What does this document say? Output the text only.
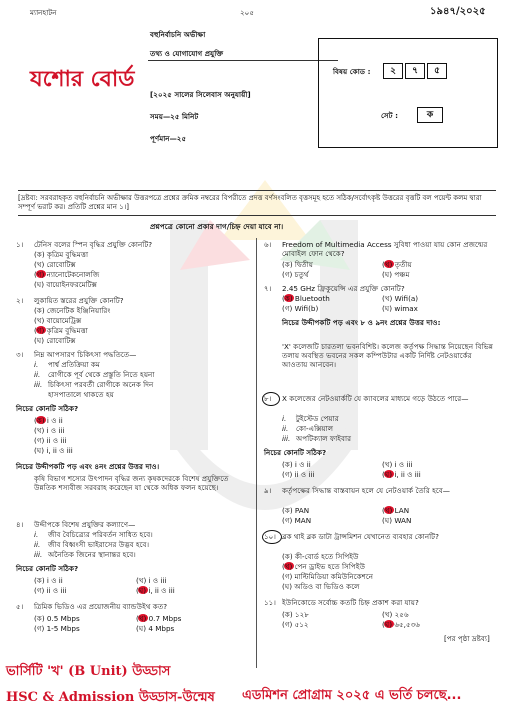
ম্যানহাটন	২০৫	১৯৪৭/২০২৫
যশোর বোর্ড
বহুনির্বাচনি অভীক্ষা
তথ্য ও যোগাযোগ প্রযুক্তি
[২০২৫ সালের সিলেবাস অনুযায়ী]
সময়—২৫ মিনিট
পূর্ণমান—২৫
বিষয় কোড :	২ ৭ ৫
সেট :	ক
[দ্রষ্টব্য: সরবরাহকৃত বহুনির্বাচনি অভীক্ষার উত্তরপত্রে প্রশ্নের ক্রমিক নম্বরের বিপরীতে প্রদত্ত বর্ণসংবলিত বৃত্তসমূহ হতে সঠিক/সর্বোৎকৃষ্ট উত্তরের বৃত্তটি বল পয়েন্ট কলম দ্বারা সম্পূর্ণ ভরাট কর। প্রতিটি প্রশ্নের মান ১।]
প্রশ্নপত্রে কোনো প্রকার দাগ/চিহ্ন দেয়া যাবে না।
১।	টেনিস বলের স্পিন বৃদ্ধির প্রযুক্তি কোনটি?
(ক) কৃত্রিম বুদ্ধিমত্তা
(খ) রোবোটিক্স
(গ) ন্যানোটেকনোলজি
(ঘ) বায়োইনফরমেটিক্স
২।	লুকায়িত স্তরের প্রযুক্তি কোনটি?
(ক) জেনেটিক ইঞ্জিনিয়ারিং
(খ) বায়োমেট্রিক্স
(গ) কৃত্রিম বুদ্ধিমত্তা
(ঘ) রোবোটিক্স
৩।	নিম্ন আপসারণ চিকিৎসা পদ্ধতিতে—
i. পার্শ্ব প্রতিক্রিয়া কম
ii. রোগীকে পূর্ব থেকে প্রস্তুতি নিতে হয়না
iii. চিকিৎসা পরবর্তী রোগীকে অনেক দিন
হাসপাতালে থাকতে হয়
নিচের কোনটি সঠিক?
(ক) i ও ii
(খ) i ও iii
(গ) ii ও iii
(ঘ) i, ii ও iii
নিচের উদ্দীপকটি পড় এবং ৪নং প্রশ্নের উত্তর দাও।
কৃষি বিভাগ শস্যের উৎপাদন বৃদ্ধির জন্য কৃষকদেরকে বিশেষ প্রযুক্তিতে উন্নতিক শস্যবীজ সরবরাহ করেছেন যা থেকে অধিক ফলন হয়েছে।
৪।	উদ্দীপকে বিশেষ প্রযুক্তির কল্যাণে—
i. জীব বৈচিত্র্যের পরিবর্তন সাধিত হবে।
ii. জীব বিধ্বংসী ভাইরাসের উদ্ভব হবে।
iii. অনৈতিক জিনের স্থানান্তর হবে।
নিচের কোনটি সঠিক?
(ক) i ও ii	(খ) i ও iii
(গ) ii ও iii	(ঘ) i, ii ও iii
৫।	ত্রিমিক ভিডিও এর প্রয়োজনীয় ব্যান্ডউইথ কত?
(ক) 0.5 Mbps	(খ) 0.7 Mbps
(গ) 1-5 Mbps	(ঘ) 4 Mbps
৬।	Freedom of Multimedia Access সুবিধা পাওয়া যায় কোন প্রজন্মের মোবাইল ফোন থেকে?
(ক) দ্বিতীয়	(খ) তৃতীয়
(গ) চতুর্থ	(ঘ) পঞ্চম
৭।	2.45 GHz ফ্রিকুয়েন্সি এর প্রযুক্তি কোনটি?
(ক) Bluetooth	(খ) Wifi(a)
(গ) Wifi(b)	(ঘ) wimax
নিচের উদ্দীপকটি পড় এবং ৮ ও ৯নং প্রশ্নের উত্তর দাও:
'X' কলেজটি চারতলা ভবনবিশিষ্ট। কলেজ কর্তৃপক্ষ সিদ্ধান্ত নিয়েছেন বিভিন্ন তলায় অবস্থিত ভবনের সকল কম্পিউটার একটি নির্দিষ্ট নেটওয়ার্কের আওতায় আনবেন।
৮।	X কলেজের নেটওয়ার্কটি যে ক্যাবলের মাধ্যমে গড়ে উঠতে পারে—
i. টুইস্টেড পেয়ার
ii. কো-এক্সিয়াল
iii. অপটিক্যাল ফাইবার
নিচের কোনটি সঠিক?
(ক) i ও ii	(খ) i ও iii
(গ) ii ও iii	(ঘ) i, ii ও iii
৯।	কর্তৃপক্ষের সিদ্ধান্ত বাস্তবায়ন হলে যে নেটওয়ার্ক তৈরি হবে—
(ক) PAN	(খ) LAN
(গ) MAN	(ঘ) WAN
১০। ব্লক থাই ব্লক ডাটা ট্রান্সমিশন যেখানেত ব্যবহার কোনটি?
(ক) কী-বোর্ড হতে সিপিইউ
(খ) পেন ড্রাইভ হতে সিপিইউ
(গ) মাল্টিমিডিয়া কমিউনিকেশনে
(ঘ) অডিও বা ভিডিও কলে
১১। ইউনিকোডে সর্বোচ্চ কতটি চিহ্ন প্রকাশ করা যায়?
(ক) ১২৮	(খ) ২৫৬
(গ) ৫১২	(ঘ) ৬৫,৫৩৬
[পর পৃষ্ঠা দ্রষ্টব্য]
ভার্সিটি 'খ' (B Unit) উড্ডাস
HSC & Admission উড্ডাস-উন্মেষ এডমিশন প্রোগ্রাম ২০২৫ এ ভর্তি চলছে...
